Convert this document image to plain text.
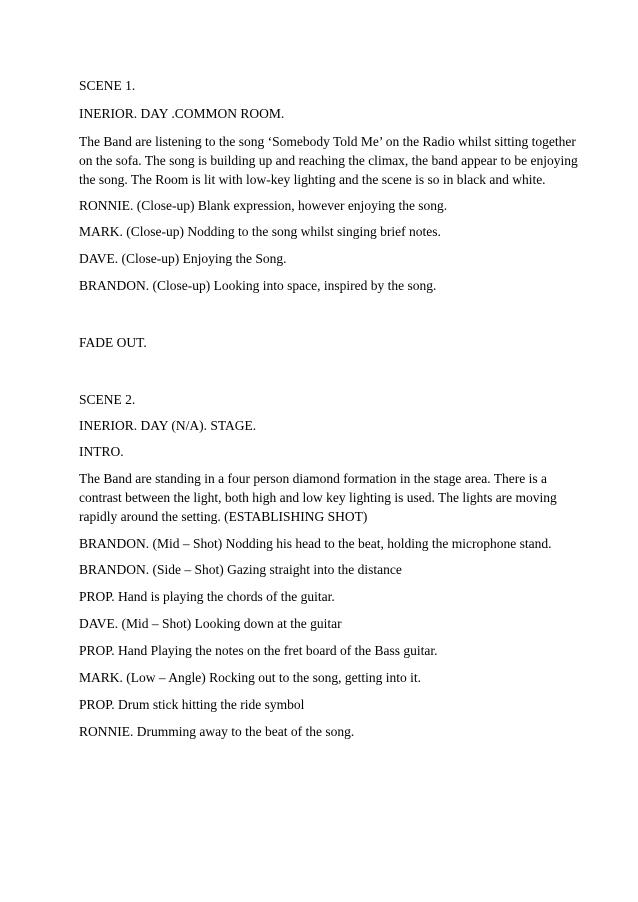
SCENE 1.
INERIOR. DAY .COMMON ROOM.
The Band are listening to the song ‘Somebody Told Me’ on the Radio whilst sitting together
on the sofa. The song is building up and reaching the climax, the band appear to be enjoying
the song. The Room is lit with low-key lighting and the scene is so in black and white.
RONNIE. (Close-up) Blank expression, however enjoying the song.
MARK. (Close-up) Nodding to the song whilst singing brief notes.
DAVE. (Close-up) Enjoying the Song.
BRANDON. (Close-up) Looking into space, inspired by the song.
FADE OUT.
SCENE 2.
INERIOR. DAY (N/A). STAGE.
INTRO.
The Band are standing in a four person diamond formation in the stage area. There is a
contrast between the light, both high and low key lighting is used. The lights are moving
rapidly around the setting. (ESTABLISHING SHOT)
BRANDON. (Mid – Shot) Nodding his head to the beat, holding the microphone stand.
BRANDON. (Side – Shot) Gazing straight into the distance
PROP. Hand is playing the chords of the guitar.
DAVE. (Mid – Shot) Looking down at the guitar
PROP. Hand Playing the notes on the fret board of the Bass guitar.
MARK. (Low – Angle) Rocking out to the song, getting into it.
PROP. Drum stick hitting the ride symbol
RONNIE. Drumming away to the beat of the song.
